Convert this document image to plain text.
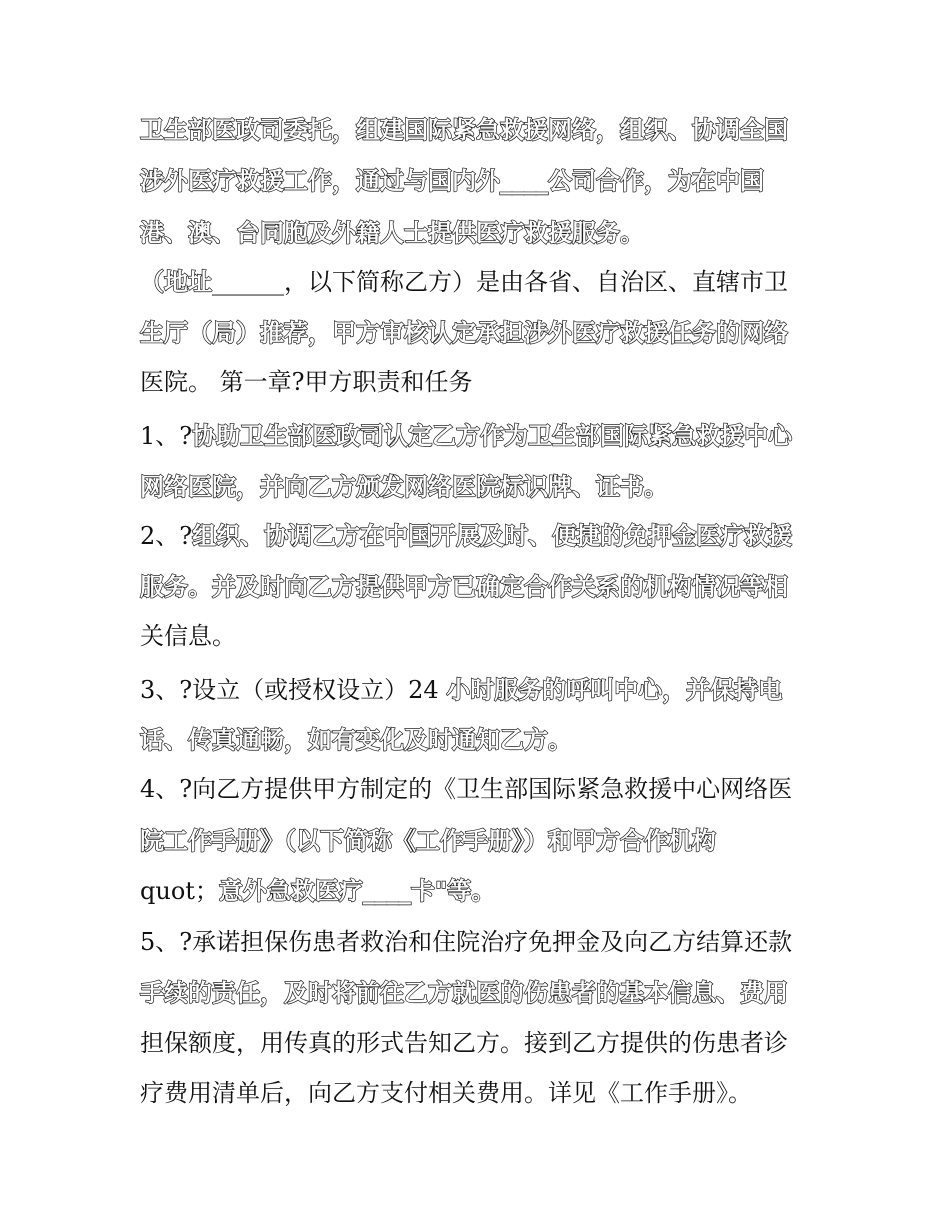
卫生部医政司委托，组建国际紧急救援网络，组织、协调全国
涉外医疗救援工作，通过与国内外____公司合作，为在中国
港、澳、台同胞及外籍人士提供医疗救援服务。
（地址______，以下简称乙方）是由各省、自治区、直辖市卫
生厅（局）推荐，甲方审核认定承担涉外医疗救援任务的网络
医院。 第一章?甲方职责和任务
1、?协助卫生部医政司认定乙方作为卫生部国际紧急救援中心
网络医院，并向乙方颁发网络医院标识牌、证书。
2、?组织、协调乙方在中国开展及时、便捷的免押金医疗救援
服务。并及时向乙方提供甲方已确定合作关系的机构情况等相
关信息。
3、?设立（或授权设立）24 小时服务的呼叫中心，并保持电
话、传真通畅，如有变化及时通知乙方。
4、?向乙方提供甲方制定的《卫生部国际紧急救援中心网络医
院工作手册》（以下简称《工作手册》）和甲方合作机构
quot；意外急救医疗____卡"等。
5、?承诺担保伤患者救治和住院治疗免押金及向乙方结算还款
手续的责任，及时将前往乙方就医的伤患者的基本信息、费用
担保额度，用传真的形式告知乙方。接到乙方提供的伤患者诊
疗费用清单后，向乙方支付相关费用。详见《工作手册》。
